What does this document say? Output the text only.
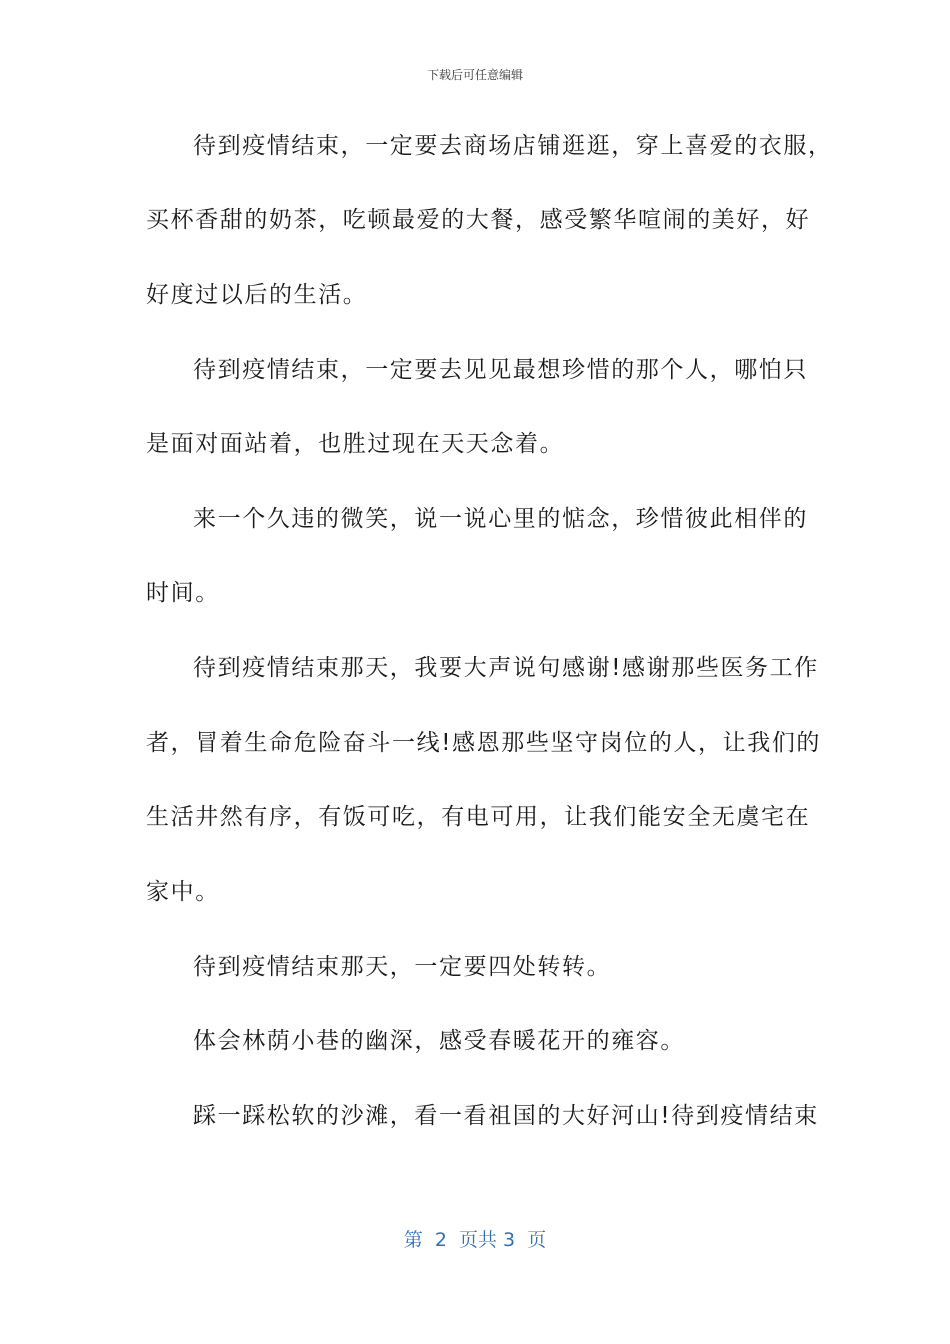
下载后可任意编辑
待到疫情结束，一定要去商场店铺逛逛，穿上喜爱的衣服，
买杯香甜的奶茶，吃顿最爱的大餐，感受繁华喧闹的美好，好
好度过以后的生活。
待到疫情结束，一定要去见见最想珍惜的那个人，哪怕只
是面对面站着，也胜过现在天天念着。
来一个久违的微笑，说一说心里的惦念，珍惜彼此相伴的
时间。
待到疫情结束那天，我要大声说句感谢!感谢那些医务工作
者，冒着生命危险奋斗一线!感恩那些坚守岗位的人，让我们的
生活井然有序，有饭可吃，有电可用，让我们能安全无虞宅在
家中。
待到疫情结束那天，一定要四处转转。
体会林荫小巷的幽深，感受春暖花开的雍容。
踩一踩松软的沙滩，看一看祖国的大好河山!待到疫情结束
第  2  页共 3  页
